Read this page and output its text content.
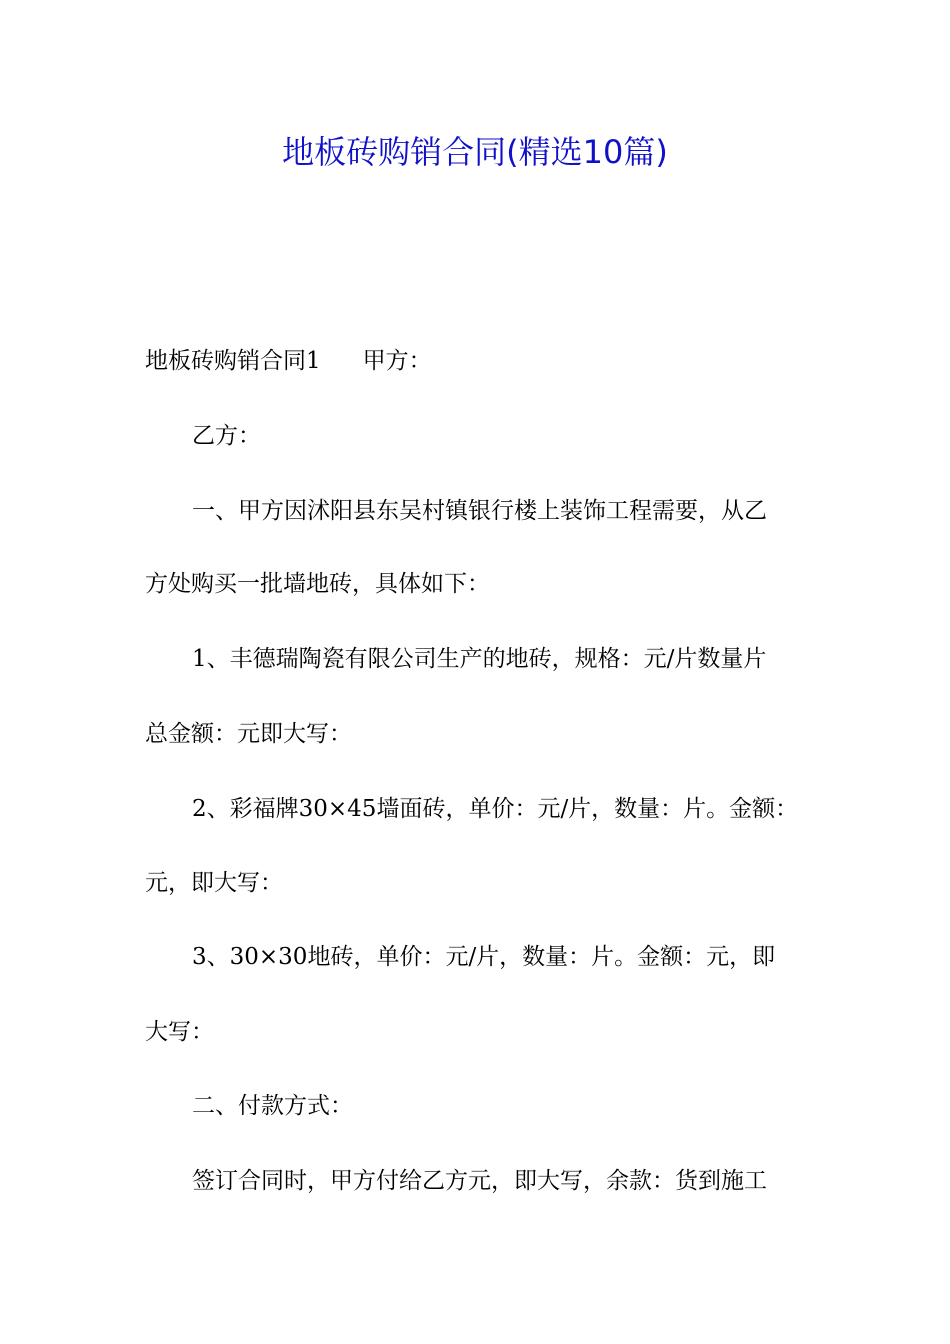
地板砖购销合同(精选10篇)

地板砖购销合同1 甲方：

乙方：

一、甲方因沭阳县东吴村镇银行楼上装饰工程需要，从乙

方处购买一批墙地砖，具体如下：

1、丰德瑞陶瓷有限公司生产的地砖，规格：元/片数量片

总金额：元即大写：

2、彩福牌30×45墙面砖，单价：元/片，数量：片。金额：

元，即大写：

3、30×30地砖，单价：元/片，数量：片。金额：元，即

大写：

二、付款方式：

签订合同时，甲方付给乙方元，即大写，余款：货到施工
